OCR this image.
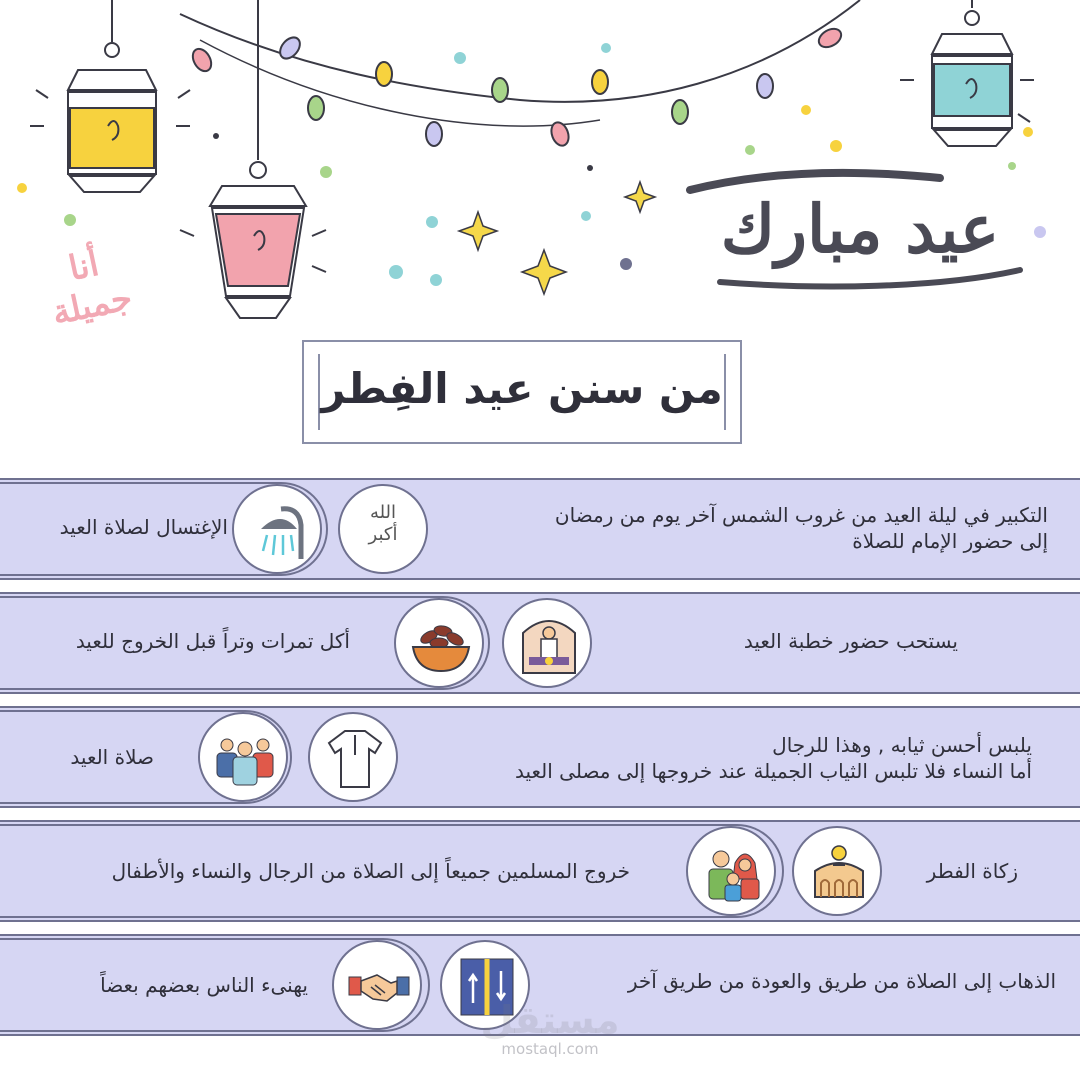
عيد مبارك
أنا جميلة
من سنن عيد الفِطر
الإغتسال لصلاة العيد
الله
أكبر
التكبير في ليلة العيد من غروب الشمس آخر يوم من رمضان
إلى حضور الإمام للصلاة
أكل تمرات وتراً قبل الخروج للعيد	يستحب حضور خطبة العيد
صلاة العيد	يلبس أحسن ثيابه , وهذا للرجال
أما النساء فلا تلبس الثياب الجميلة عند خروجها إلى مصلى العيد
خروج المسلمين جميعاً إلى الصلاة من الرجال والنساء والأطفال	زكاة الفطر
يهنىء الناس بعضهم بعضاً	الذهاب إلى الصلاة من طريق والعودة من طريق آخر
مستقل
mostaql.com
